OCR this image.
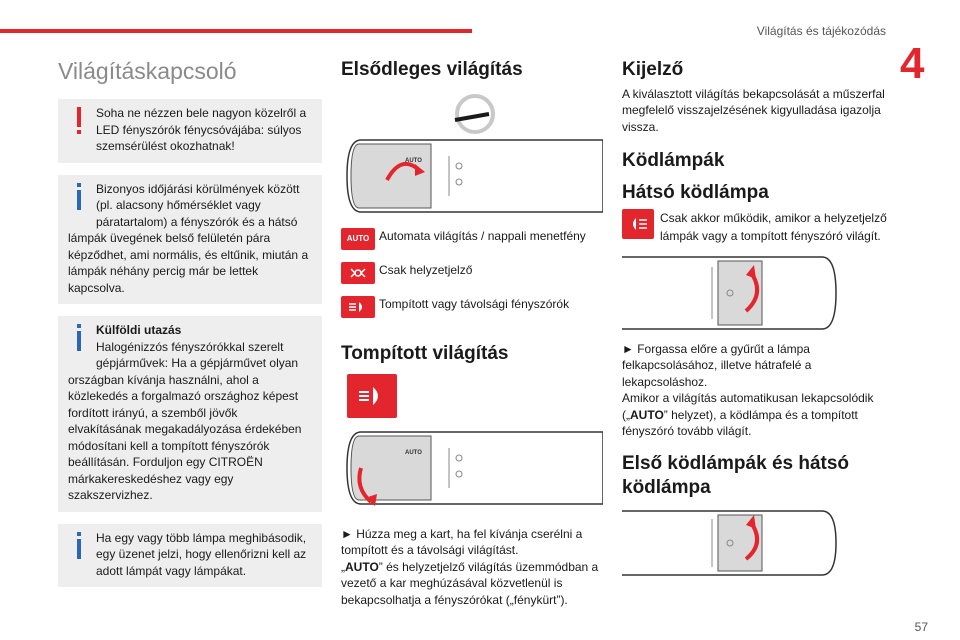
Világítás és tájékozódás
4
Világításkapcsoló
Soha ne nézzen bele nagyon közelről a LED fényszórók fénycsóvájába: súlyos szemsérülést okozhatnak!
Bizonyos időjárási körülmények között (pl. alacsony hőmérséklet vagy páratartalom) a fényszórók és a hátsó lámpák üvegének belső felületén pára képződhet, ami normális, és eltűnik, miután a lámpák néhány percig már be lettek kapcsolva.
Külföldi utazás
Halogénizzós fényszórókkal szerelt gépjárművek: Ha a gépjárművet olyan országban kívánja használni, ahol a közlekedés a forgalmazó országhoz képest fordított irányú, a szemből jövők elvakításának megakadályozása érdekében módosítani kell a tompított fényszórók beállításán. Forduljon egy CITROËN márkakereskedéshez vagy egy szakszervizhez.
Ha egy vagy több lámpa meghibásodik, egy üzenet jelzi, hogy ellenőrizni kell az adott lámpát vagy lámpákat.
Elsődleges világítás
AUTO
AUTO Automata világítás / nappali menetfény
Csak helyzetjelző
Tompított vagy távolsági fényszórók
Tompított világítás
AUTO

► Húzza meg a kart, ha fel kívánja cserélni a tompított és a távolsági világítást.

„AUTO” és helyzetjelző világítás üzemmódban a vezető a kar meghúzásával közvetlenül is bekapcsolhatja a fényszórókat („fénykürt”).

Kijelző

A kiválasztott világítás bekapcsolását a műszerfal megfelelő visszajelzésének kigyulladása igazolja vissza.

Ködlámpák
Hátsó ködlámpa
Csak akkor működik, amikor a helyzetjelző lámpák vagy a tompított fényszóró világít.

► Forgassa előre a gyűrűt a lámpa felkapcsolásához, illetve hátrafelé a lekapcsoláshoz.

Amikor a világítás automatikusan lekapcsolódik („AUTO” helyzet), a ködlámpa és a tompított fényszóró tovább világít.

Első ködlámpák és hátsó ködlámpa
57
